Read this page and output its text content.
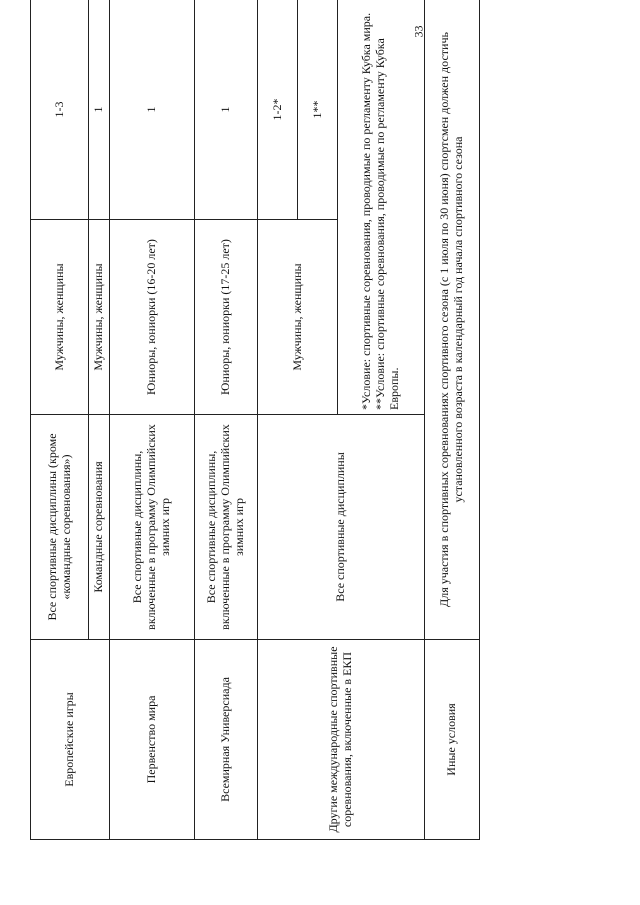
33
Европейские игры	Все спортивные дисциплины (кроме «командные соревнования»)	Мужчины, женщины	1-3
	Командные соревнования	Мужчины, женщины	1
Первенство мира	Все спортивные дисциплины, включенные в программу Олимпийских зимних игр	Юниоры, юниорки (16-20 лет)	1
Всемирная Универсиада	Все спортивные дисциплины, включенные в программу Олимпийских зимних игр	Юниоры, юниорки (17-25 лет)	1
Другие международные спортивные соревнования, включенные в ЕКП	Все спортивные дисциплины	Мужчины, женщины	1-2*
			1**

		*Условие: спортивные соревнования, проводимые по регламенту Кубка мира. **Условие: спортивные соревнования, проводимые по регламенту Кубка Европы.	

Иные условия	Для участия в спортивных соревнованиях спортивного сезона (с 1 июля по 30 июня) спортсмен должен достичь установленного возраста в календарный год начала спортивного сезона		
